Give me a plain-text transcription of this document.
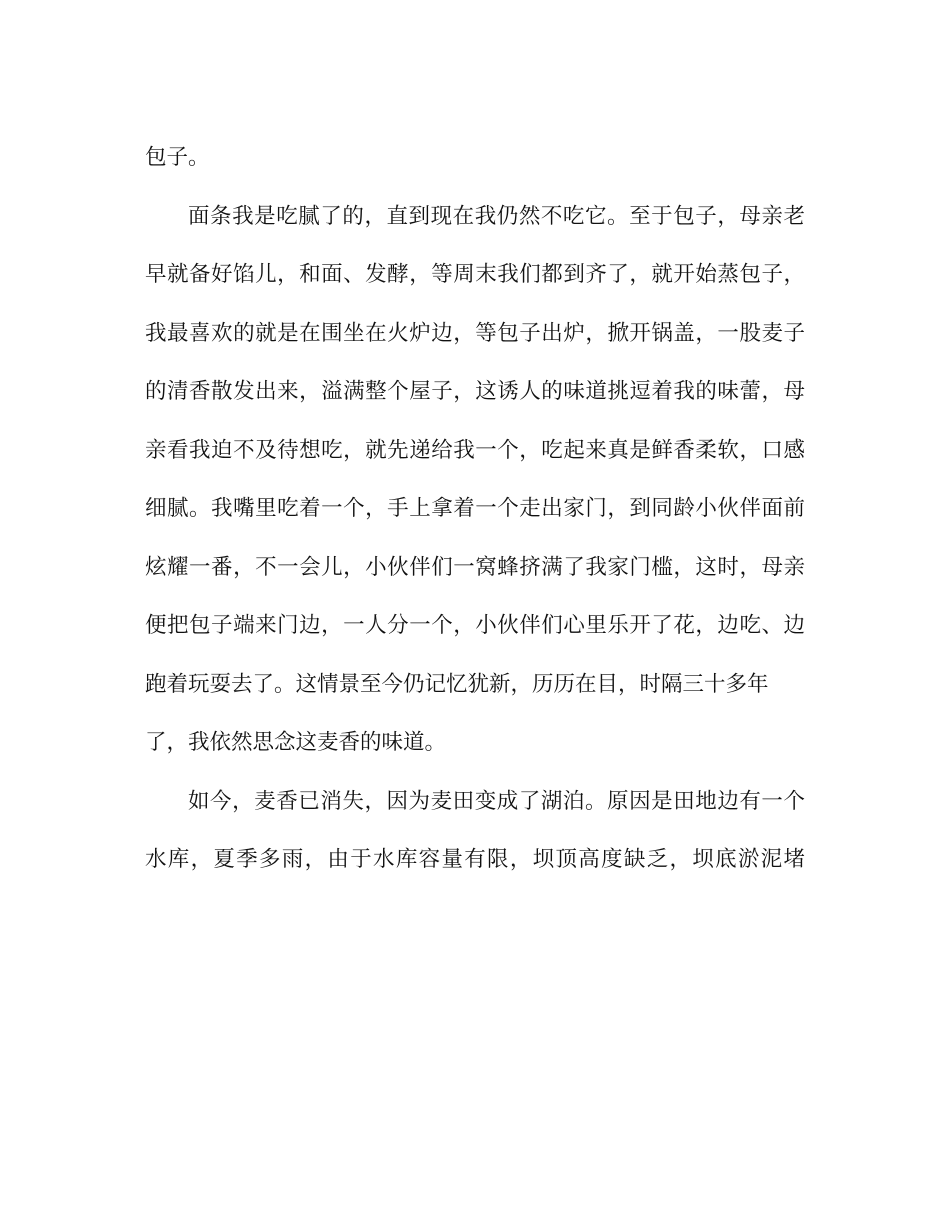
包子。
面条我是吃腻了的，直到现在我仍然不吃它。至于包子，母亲老
早就备好馅儿，和面、发酵，等周末我们都到齐了，就开始蒸包子，
我最喜欢的就是在围坐在火炉边，等包子出炉，掀开锅盖，一股麦子
的清香散发出来，溢满整个屋子，这诱人的味道挑逗着我的味蕾，母
亲看我迫不及待想吃，就先递给我一个，吃起来真是鲜香柔软，口感
细腻。我嘴里吃着一个，手上拿着一个走出家门，到同龄小伙伴面前
炫耀一番，不一会儿，小伙伴们一窝蜂挤满了我家门槛，这时，母亲
便把包子端来门边，一人分一个，小伙伴们心里乐开了花，边吃、边
跑着玩耍去了。这情景至今仍记忆犹新，历历在目，时隔三十多年
了，我依然思念这麦香的味道。
如今，麦香已消失，因为麦田变成了湖泊。原因是田地边有一个
水库，夏季多雨，由于水库容量有限，坝顶高度缺乏，坝底淤泥堵
